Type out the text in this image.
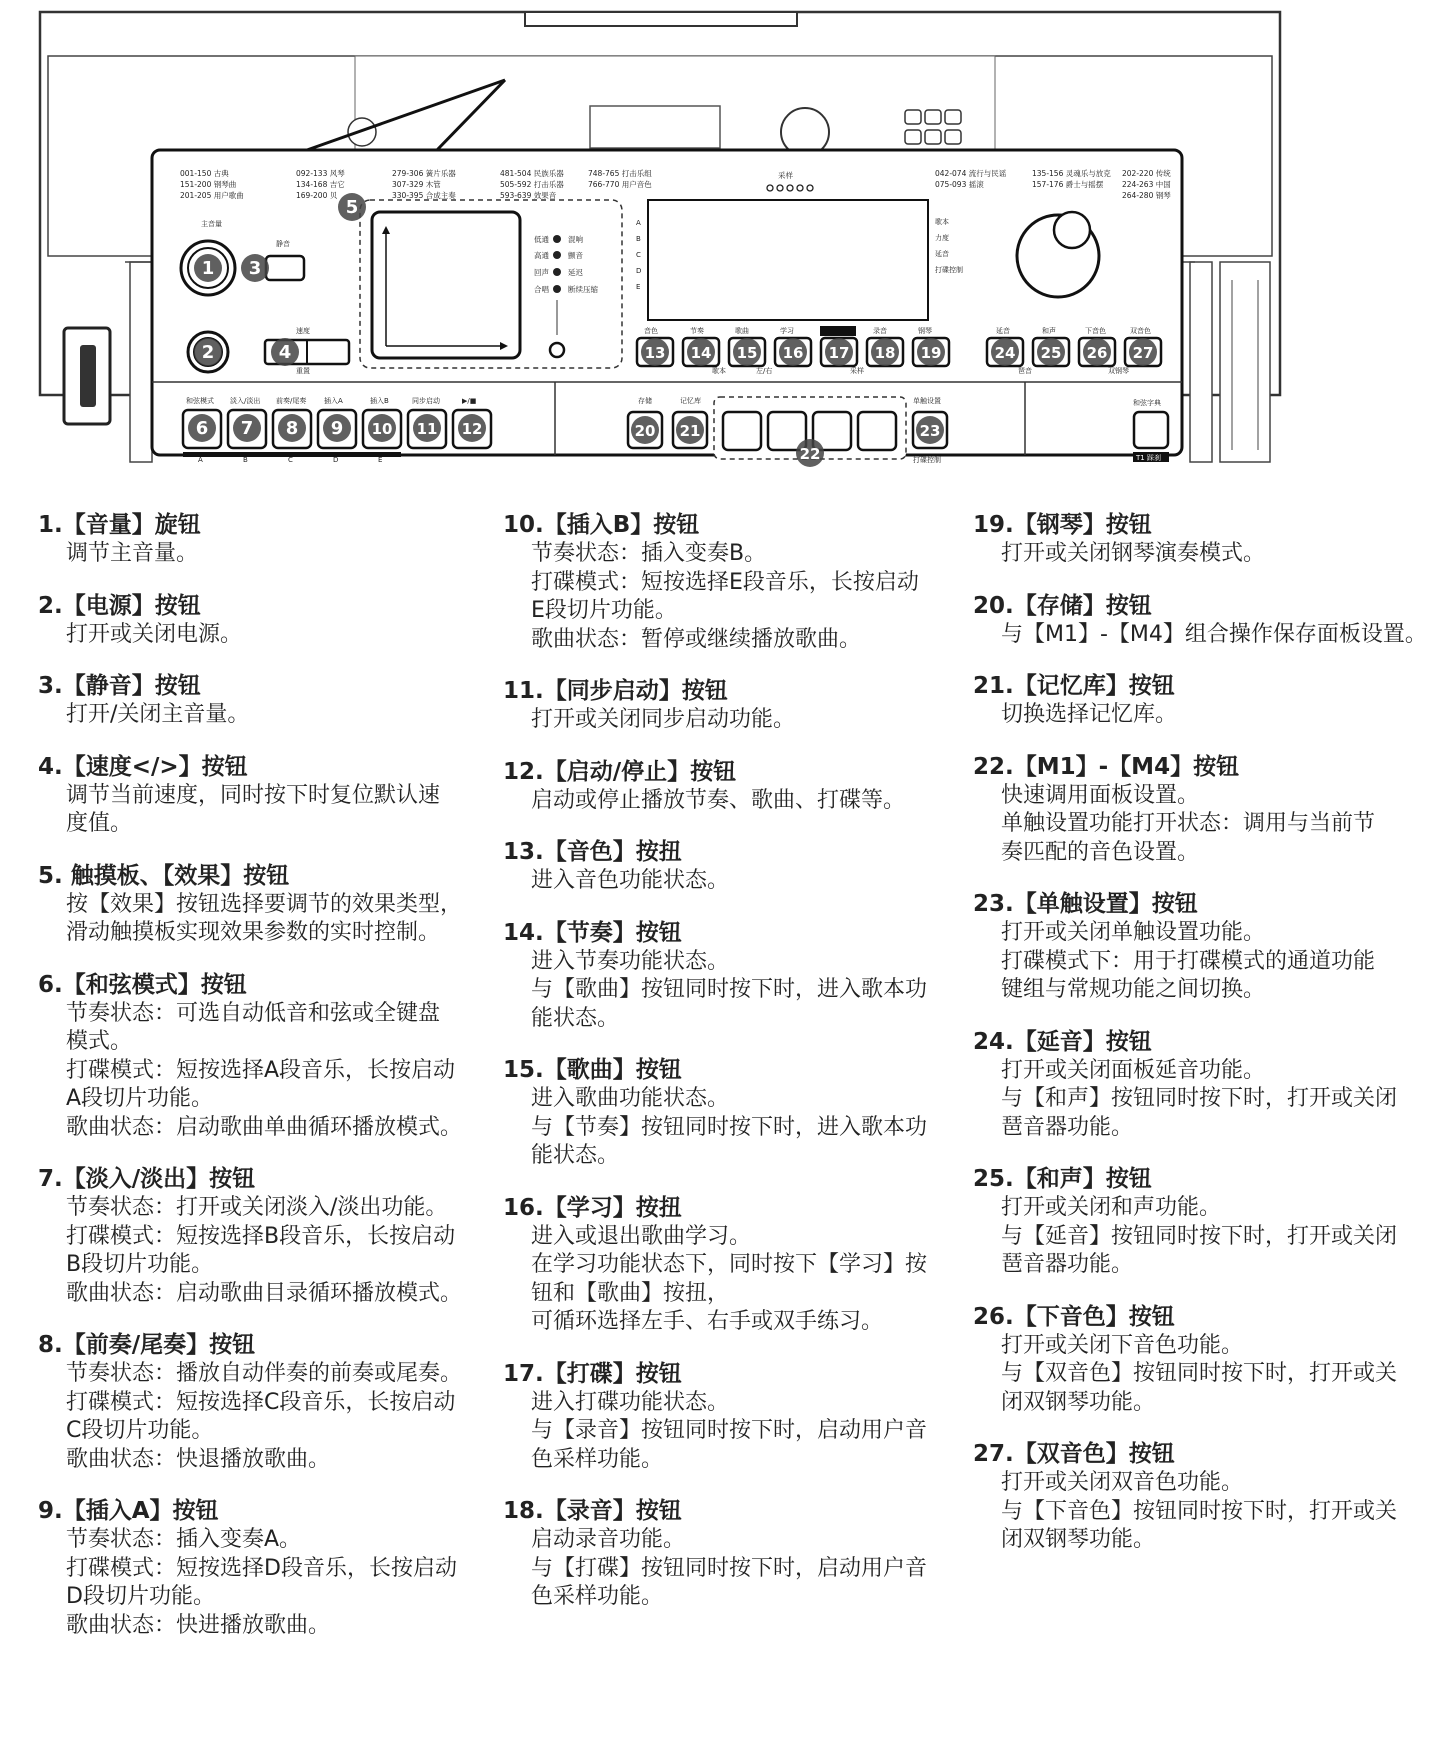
001-150 古典
151-200 钢琴曲
201-205 用户歌曲
092-133 风琴
134-168 吉它
169-200 贝
279-306 簧片乐器
307-329 木管
330-395 合成主奏
481-504 民族乐器
505-592 打击乐器
593-639 效果音
748-765 打击乐组
766-770 用户音色
042-074 流行与民谣
075-093 摇滚
135-156 灵魂乐与放克
157-176 爵士与摇摆
202-220 传统
224-263 中国
264-280 钢琴
采样
主音量
静音
速度
重置
低通
高通
回声
合唱
混响
颤音
延迟
断续压缩
A
B
C
D
E
歌本
力度
延音
打碟控制
音色	节奏	歌曲	学习	录音	钢琴
歌本	左/右	采样
延音	和声	下音色	双音色
琶音	双钢琴
和弦模式 淡入/淡出 前奏/尾奏	插入A	插入B	同步启动	▶/■
A	B	C	D	E
存储	记忆库	单触设置
打碟控制
和弦字典
T1 踩刹
1
2
3
4
5
6 7 8 9 10 11 12
13 14 15 16 17 18 19
20 21
22
23
24 25 26 27
1.【音量】旋钮
调节主音量。
2.【电源】按钮
打开或关闭电源。
3.【静音】按钮
打开/关闭主音量。
4.【速度</>】按钮
调节当前速度，同时按下时复位默认速
度值。
5. 触摸板、【效果】按钮
按【效果】按钮选择要调节的效果类型，
滑动触摸板实现效果参数的实时控制。
6.【和弦模式】按钮
节奏状态：可选自动低音和弦或全键盘
模式。
打碟模式：短按选择A段音乐，长按启动
A段切片功能。
歌曲状态：启动歌曲单曲循环播放模式。
7.【淡入/淡出】按钮
节奏状态：打开或关闭淡入/淡出功能。
打碟模式：短按选择B段音乐，长按启动
B段切片功能。
歌曲状态：启动歌曲目录循环播放模式。
8.【前奏/尾奏】按钮
节奏状态：播放自动伴奏的前奏或尾奏。
打碟模式：短按选择C段音乐，长按启动
C段切片功能。
歌曲状态：快退播放歌曲。
9.【插入A】按钮
节奏状态：插入变奏A。
打碟模式：短按选择D段音乐，长按启动
D段切片功能。
歌曲状态：快进播放歌曲。
10.【插入B】按钮
节奏状态：插入变奏B。
打碟模式：短按选择E段音乐，长按启动
E段切片功能。
歌曲状态：暂停或继续播放歌曲。
11.【同步启动】按钮
打开或关闭同步启动功能。
12.【启动/停止】按钮
启动或停止播放节奏、歌曲、打碟等。
13.【音色】按扭
进入音色功能状态。
14.【节奏】按钮
进入节奏功能状态。
与【歌曲】按钮同时按下时，进入歌本功
能状态。
15.【歌曲】按钮
进入歌曲功能状态。
与【节奏】按钮同时按下时，进入歌本功
能状态。
16.【学习】按扭
进入或退出歌曲学习。
在学习功能状态下，同时按下【学习】按
钮和【歌曲】按扭，
可循环选择左手、右手或双手练习。
17.【打碟】按钮
进入打碟功能状态。
与【录音】按钮同时按下时，启动用户音
色采样功能。
18.【录音】按钮
启动录音功能。
与【打碟】按钮同时按下时，启动用户音
色采样功能。
19.【钢琴】按钮
打开或关闭钢琴演奏模式。
20.【存储】按钮
与【M1】-【M4】组合操作保存面板设置。
21.【记忆库】按钮
切换选择记忆库。
22.【M1】-【M4】按钮
快速调用面板设置。
单触设置功能打开状态：调用与当前节
奏匹配的音色设置。
23.【单触设置】按钮
打开或关闭单触设置功能。
打碟模式下：用于打碟模式的通道功能
键组与常规功能之间切换。
24.【延音】按钮
打开或关闭面板延音功能。
与【和声】按钮同时按下时，打开或关闭
琶音器功能。
25.【和声】按钮
打开或关闭和声功能。
与【延音】按钮同时按下时，打开或关闭
琶音器功能。
26.【下音色】按钮
打开或关闭下音色功能。
与【双音色】按钮同时按下时，打开或关
闭双钢琴功能。
27.【双音色】按钮
打开或关闭双音色功能。
与【下音色】按钮同时按下时，打开或关
闭双钢琴功能。
